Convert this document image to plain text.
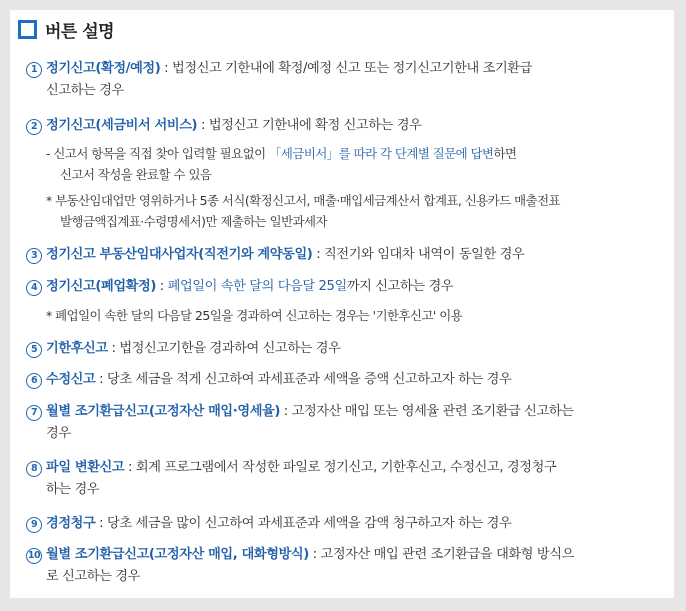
버튼 설명
1 정기신고(확정/예정) : 법정신고 기한내에 확정/예정 신고 또는 정기신고기한내 조기환급
신고하는 경우
2 정기신고(세금비서 서비스) : 법정신고 기한내에 확정 신고하는 경우
- 신고서 항목을 직접 찾아 입력할 필요없이 「세금비서」를 따라 각 단계별 질문에 답변하면
신고서 작성을 완료할 수 있음
* 부동산임대업만 영위하거나 5종 서식(확정신고서, 매출·매입세금계산서 합계표, 신용카드 매출전표
발행금액집계표·수령명세서)만 제출하는 일반과세자
3 정기신고 부동산임대사업자(직전기와 계약동일) : 직전기와 임대차 내역이 동일한 경우
4 정기신고(폐업확정) : 폐업일이 속한 달의 다음달 25일까지 신고하는 경우
* 폐업일이 속한 달의 다음달 25일을 경과하여 신고하는 경우는 '기한후신고' 이용
5 기한후신고 : 법정신고기한을 경과하여 신고하는 경우
6 수정신고 : 당초 세금을 적게 신고하여 과세표준과 세액을 증액 신고하고자 하는 경우
7 월별 조기환급신고(고정자산 매입·영세율) : 고정자산 매입 또는 영세율 관련 조기환급 신고하는
경우
8 파일 변환신고 : 회계 프로그램에서 작성한 파일로 정기신고, 기한후신고, 수정신고, 경정청구
하는 경우
9 경정청구 : 당초 세금을 많이 신고하여 과세표준과 세액을 감액 청구하고자 하는 경우
10 월별 조기환급신고(고정자산 매입, 대화형방식) : 고정자산 매입 관련 조기환급을 대화형 방식으
로 신고하는 경우
